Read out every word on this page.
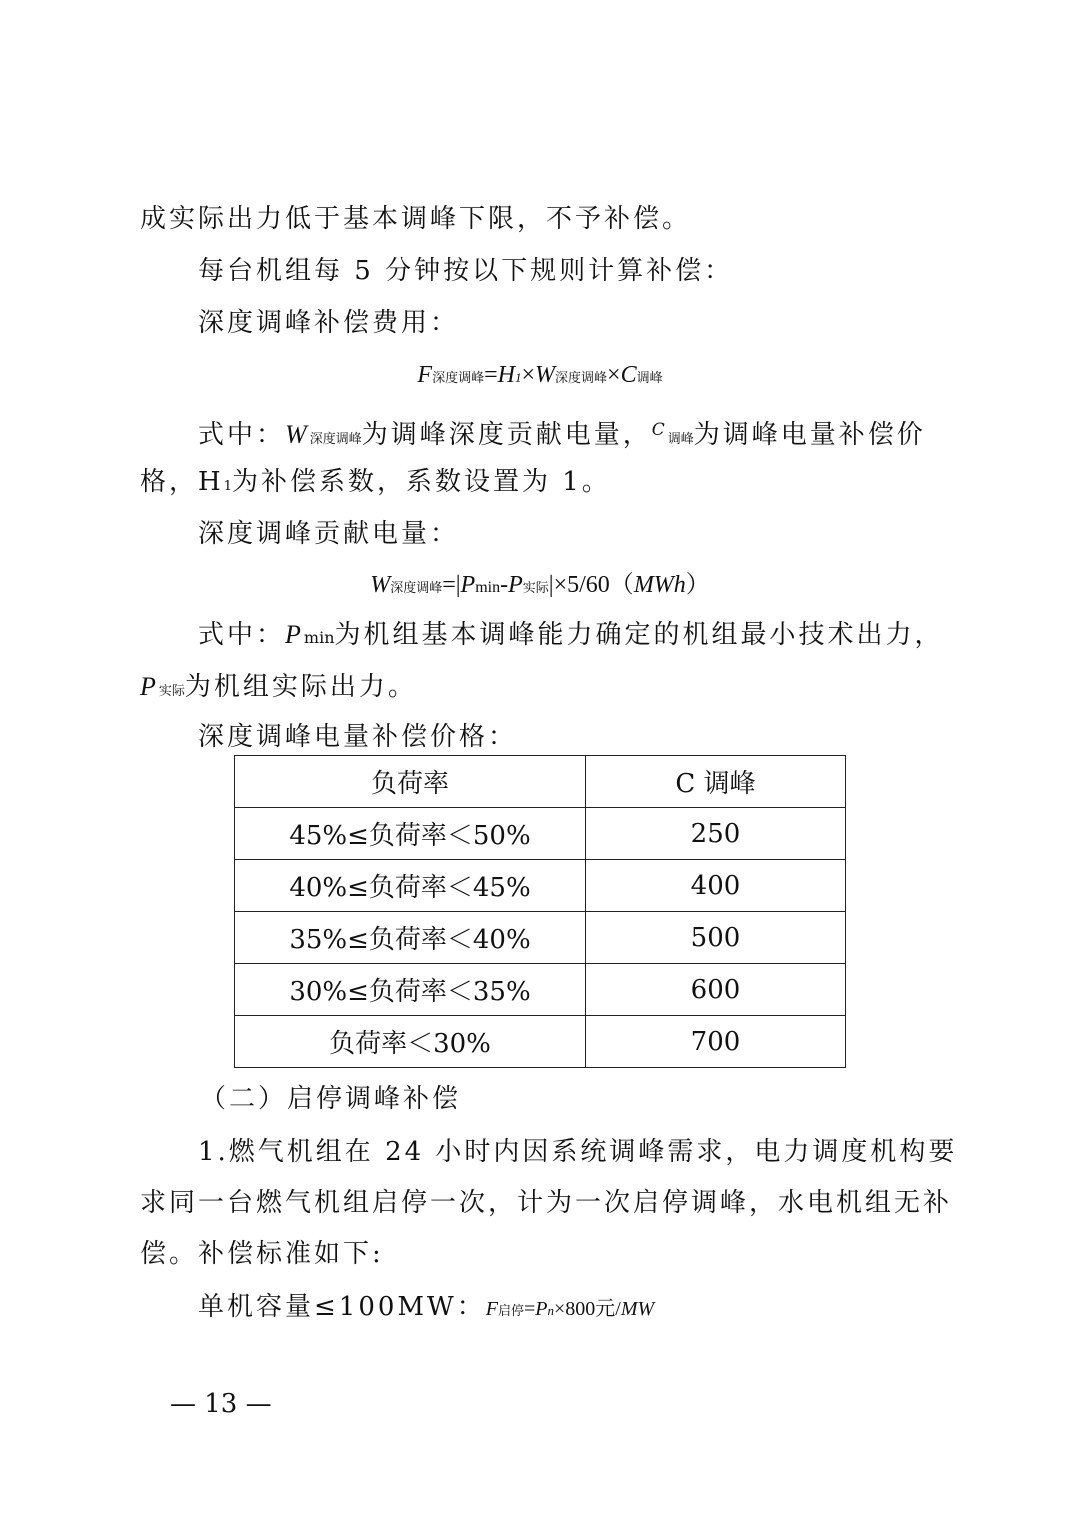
成实际出力低于基本调峰下限，不予补偿。
每台机组每 5 分钟按以下规则计算补偿：
深度调峰补偿费用：
F深度调峰=H1×W深度调峰×C调峰
式中：W深度调峰为调峰深度贡献电量，$^C$调峰为调峰电量补偿价
格，H1为补偿系数，系数设置为 1。
深度调峰贡献电量：
W深度调峰=|Pmin-P实际|×5/60（MWh）
式中：Pmin为机组基本调峰能力确定的机组最小技术出力，
P实际为机组实际出力。
深度调峰电量补偿价格：
负荷率	C 调峰
45%≤负荷率＜50%	250
40%≤负荷率＜45%	400
35%≤负荷率＜40%	500
30%≤负荷率＜35%	600
负荷率＜30%	700
（二）启停调峰补偿
1.燃气机组在 24 小时内因系统调峰需求，电力调度机构要
求同一台燃气机组启停一次，计为一次启停调峰，水电机组无补
偿。补偿标准如下:
单机容量≤100MW：F启停=Pn×800元/MW
— 13 —
